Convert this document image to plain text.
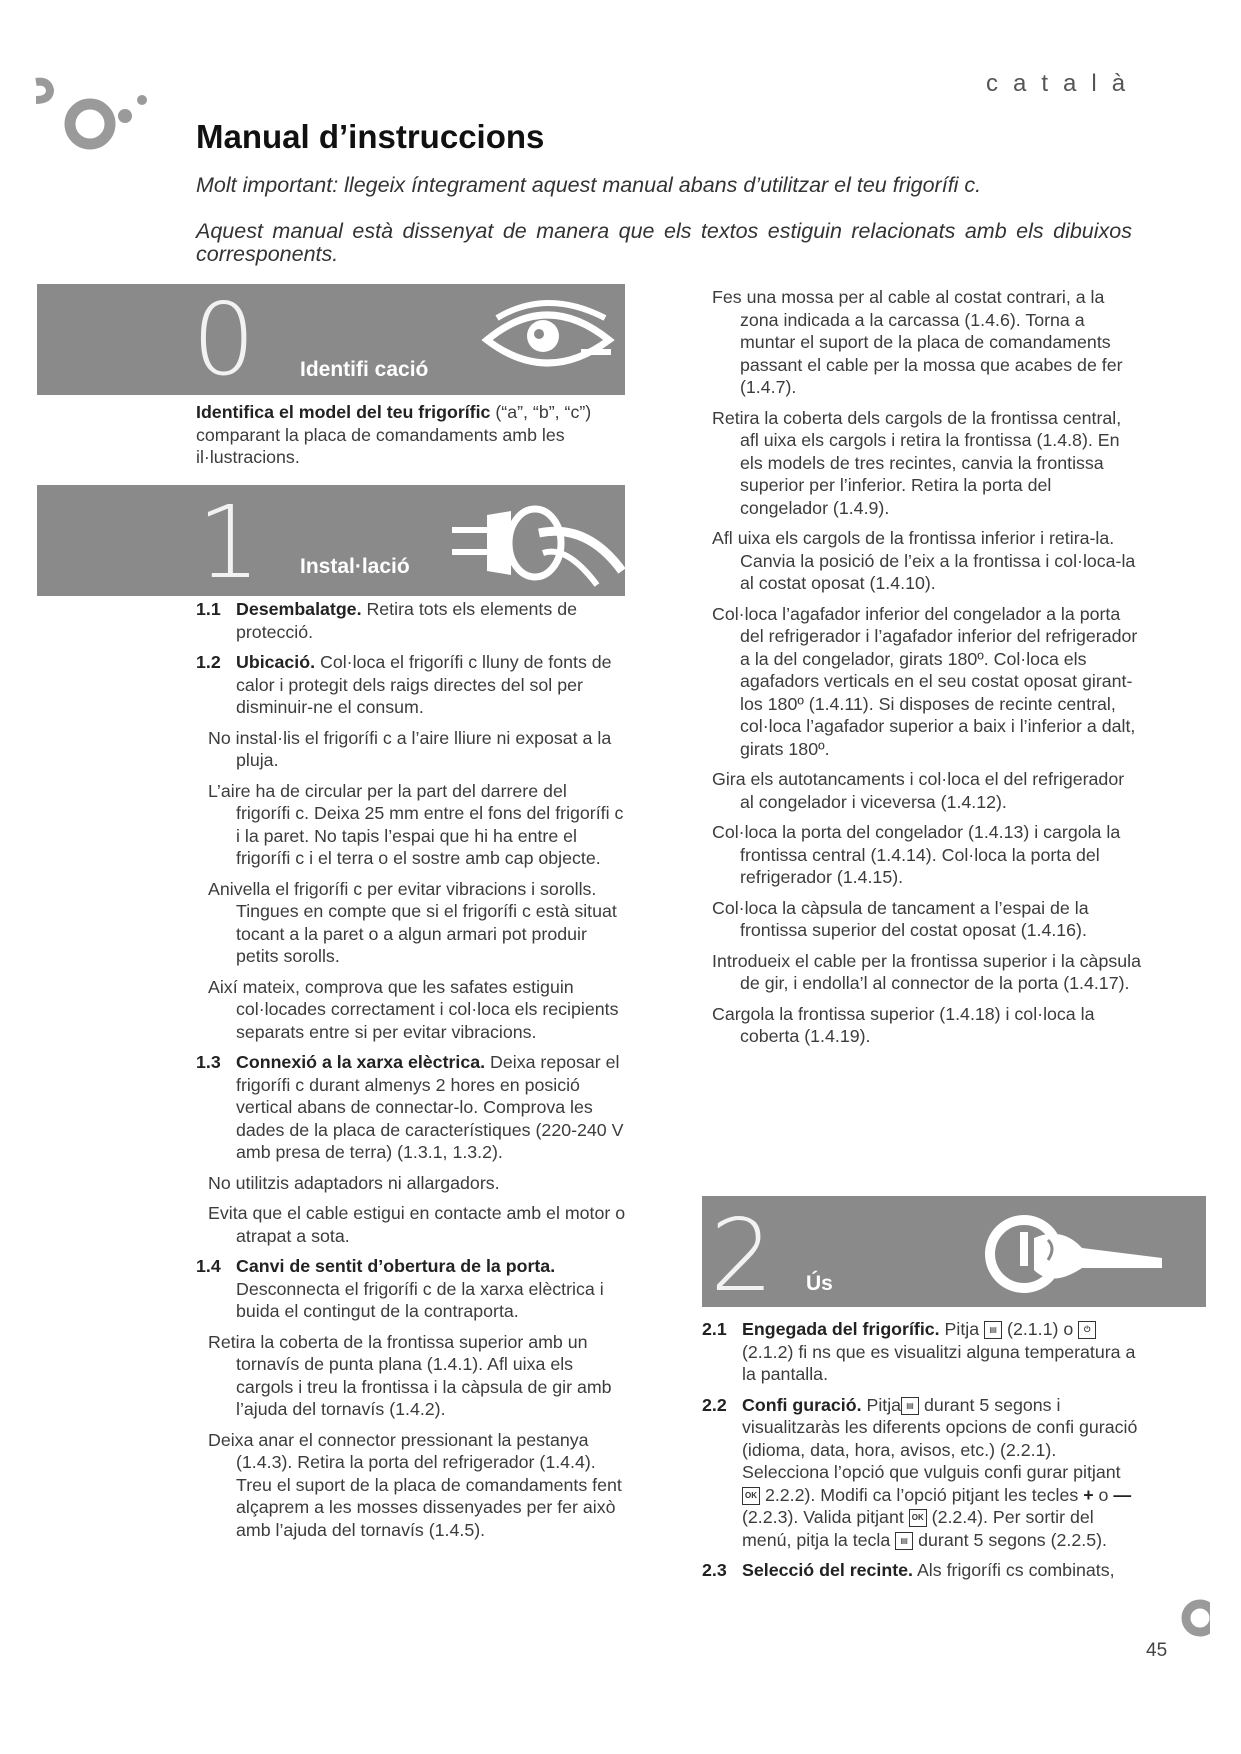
català
Manual d’instruccions
Molt important: llegeix íntegrament aquest manual abans d’utilitzar el teu frigorífi c.
Aquest manual està dissenyat de manera que els textos estiguin relacionats amb els dibuixos corresponents.
0 Identifi cació

Identifica el model del teu frigorífic (“a”, “b”, “c”) comparant la placa de comandaments amb les il·lustracions.

1 Instal·lació

1.1 Desembalatge. Retira tots els elements de protecció.

1.2 Ubicació. Col·loca el frigorífi c lluny de fonts de calor i protegit dels raigs directes del sol per disminuir-ne el consum.

No instal·lis el frigorífi c a l’aire lliure ni exposat a la pluja.

L’aire ha de circular per la part del darrere del frigorífi c. Deixa 25 mm entre el fons del frigorífi c i la paret. No tapis l’espai que hi ha entre el frigorífi c i el terra o el sostre amb cap objecte.

Anivella el frigorífi c per evitar vibracions i sorolls. Tingues en compte que si el frigorífi c està situat tocant a la paret o a algun armari pot produir petits sorolls.

Així mateix, comprova que les safates estiguin col·locades correctament i col·loca els recipients separats entre si per evitar vibracions.

1.3 Connexió a la xarxa elèctrica. Deixa reposar el frigorífi c durant almenys 2 hores en posició vertical abans de connectar-lo. Comprova les dades de la placa de característiques (220-240 V amb presa de terra) (1.3.1, 1.3.2).

No utilitzis adaptadors ni allargadors.

Evita que el cable estigui en contacte amb el motor o atrapat a sota.

1.4 Canvi de sentit d’obertura de la porta. Desconnecta el frigorífi c de la xarxa elèctrica i buida el contingut de la contraporta.

Retira la coberta de la frontissa superior amb un tornavís de punta plana (1.4.1). Afl uixa els cargols i treu la frontissa i la càpsula de gir amb l’ajuda del tornavís (1.4.2).

Deixa anar el connector pressionant la pestanya (1.4.3). Retira la porta del refrigerador (1.4.4). Treu el suport de la placa de comandaments fent alçaprem a les mosses dissenyades per fer això amb l’ajuda del tornavís (1.4.5).

Fes una mossa per al cable al costat contrari, a la zona indicada a la carcassa (1.4.6). Torna a muntar el suport de la placa de comandaments passant el cable per la mossa que acabes de fer (1.4.7).

Retira la coberta dels cargols de la frontissa central, afl uixa els cargols i retira la frontissa (1.4.8). En els models de tres recintes, canvia la frontissa superior per l’inferior. Retira la porta del congelador (1.4.9).

Afl uixa els cargols de la frontissa inferior i retira-la. Canvia la posició de l’eix a la frontissa i col·loca-la al costat oposat (1.4.10).

Col·loca l’agafador inferior del congelador a la porta del refrigerador i l’agafador inferior del refrigerador a la del congelador, girats 180º. Col·loca els agafadors verticals en el seu costat oposat girant-los 180º (1.4.11). Si disposes de recinte central, col·loca l’agafador superior a baix i l’inferior a dalt, girats 180º.

Gira els autotancaments i col·loca el del refrigerador al congelador i viceversa (1.4.12).

Col·loca la porta del congelador (1.4.13) i cargola la frontissa central (1.4.14). Col·loca la porta del refrigerador (1.4.15).

Col·loca la càpsula de tancament a l’espai de la frontissa superior del costat oposat (1.4.16).

Introdueix el cable per la frontissa superior i la càpsula de gir, i endolla’l al connector de la porta (1.4.17).

Cargola la frontissa superior (1.4.18) i col·loca la coberta (1.4.19).

2 Ús

2.1 Engegada del frigorífic. Pitja ▤ (2.1.1) o ⏻ (2.1.2) fi ns que es visualitzi alguna temperatura a la pantalla.

2.2 Confi guració. Pitja ▤ durant 5 segons i visualitzaràs les diferents opcions de confi guració (idioma, data, hora, avisos, etc.) (2.2.1). Selecciona l’opció que vulguis confi gurar pitjant OK 2.2.2). Modifi ca l’opció pitjant les tecles + o — (2.2.3). Valida pitjant OK (2.2.4). Per sortir del menú, pitja la tecla ▤ durant 5 segons (2.2.5).

2.3 Selecció del recinte. Als frigorífi cs combinats,

45
